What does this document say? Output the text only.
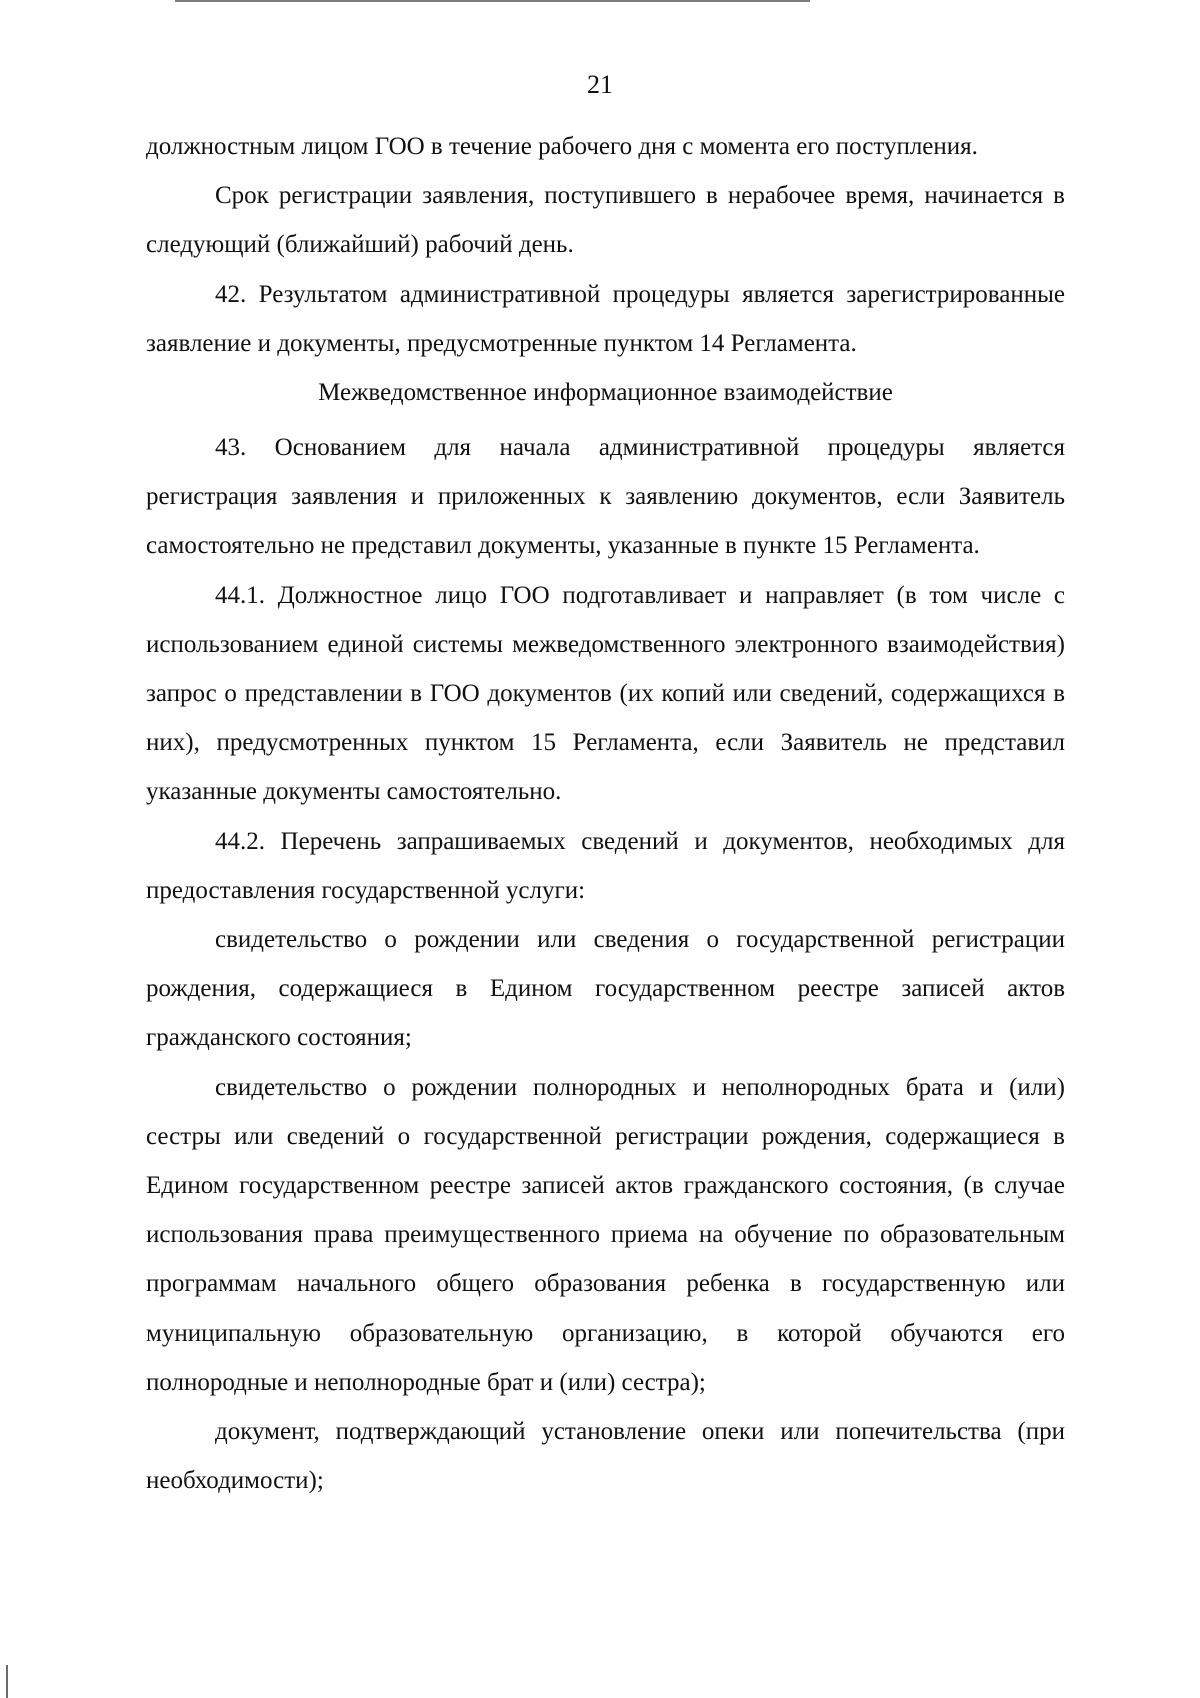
21

должностным лицом ГОО в течение рабочего дня с момента его поступления.

Срок регистрации заявления, поступившего в нерабочее время, начинается в следующий (ближайший) рабочий день.

42. Результатом административной процедуры является зарегистрированные заявление и документы, предусмотренные пунктом 14 Регламента.

Межведомственное информационное взаимодействие

43. Основанием для начала административной процедуры является регистрация заявления и приложенных к заявлению документов, если Заявитель самостоятельно не представил документы, указанные в пункте 15 Регламента.

44.1. Должностное лицо ГОО подготавливает и направляет (в том числе с использованием единой системы межведомственного электронного взаимодействия) запрос о представлении в ГОО документов (их копий или сведений, содержащихся в них), предусмотренных пунктом 15 Регламента, если Заявитель не представил указанные документы самостоятельно.

44.2. Перечень запрашиваемых сведений и документов, необходимых для предоставления государственной услуги:

свидетельство о рождении или сведения о государственной регистрации рождения, содержащиеся в Едином государственном реестре записей актов гражданского состояния;

свидетельство о рождении полнородных и неполнородных брата и (или) сестры или сведений о государственной регистрации рождения, содержащиеся в Едином государственном реестре записей актов гражданского состояния, (в случае использования права преимущественного приема на обучение по образовательным программам начального общего образования ребенка в государственную или муниципальную образовательную организацию, в которой обучаются его полнородные и неполнородные брат и (или) сестра);

документ, подтверждающий установление опеки или попечительства (при необходимости);
